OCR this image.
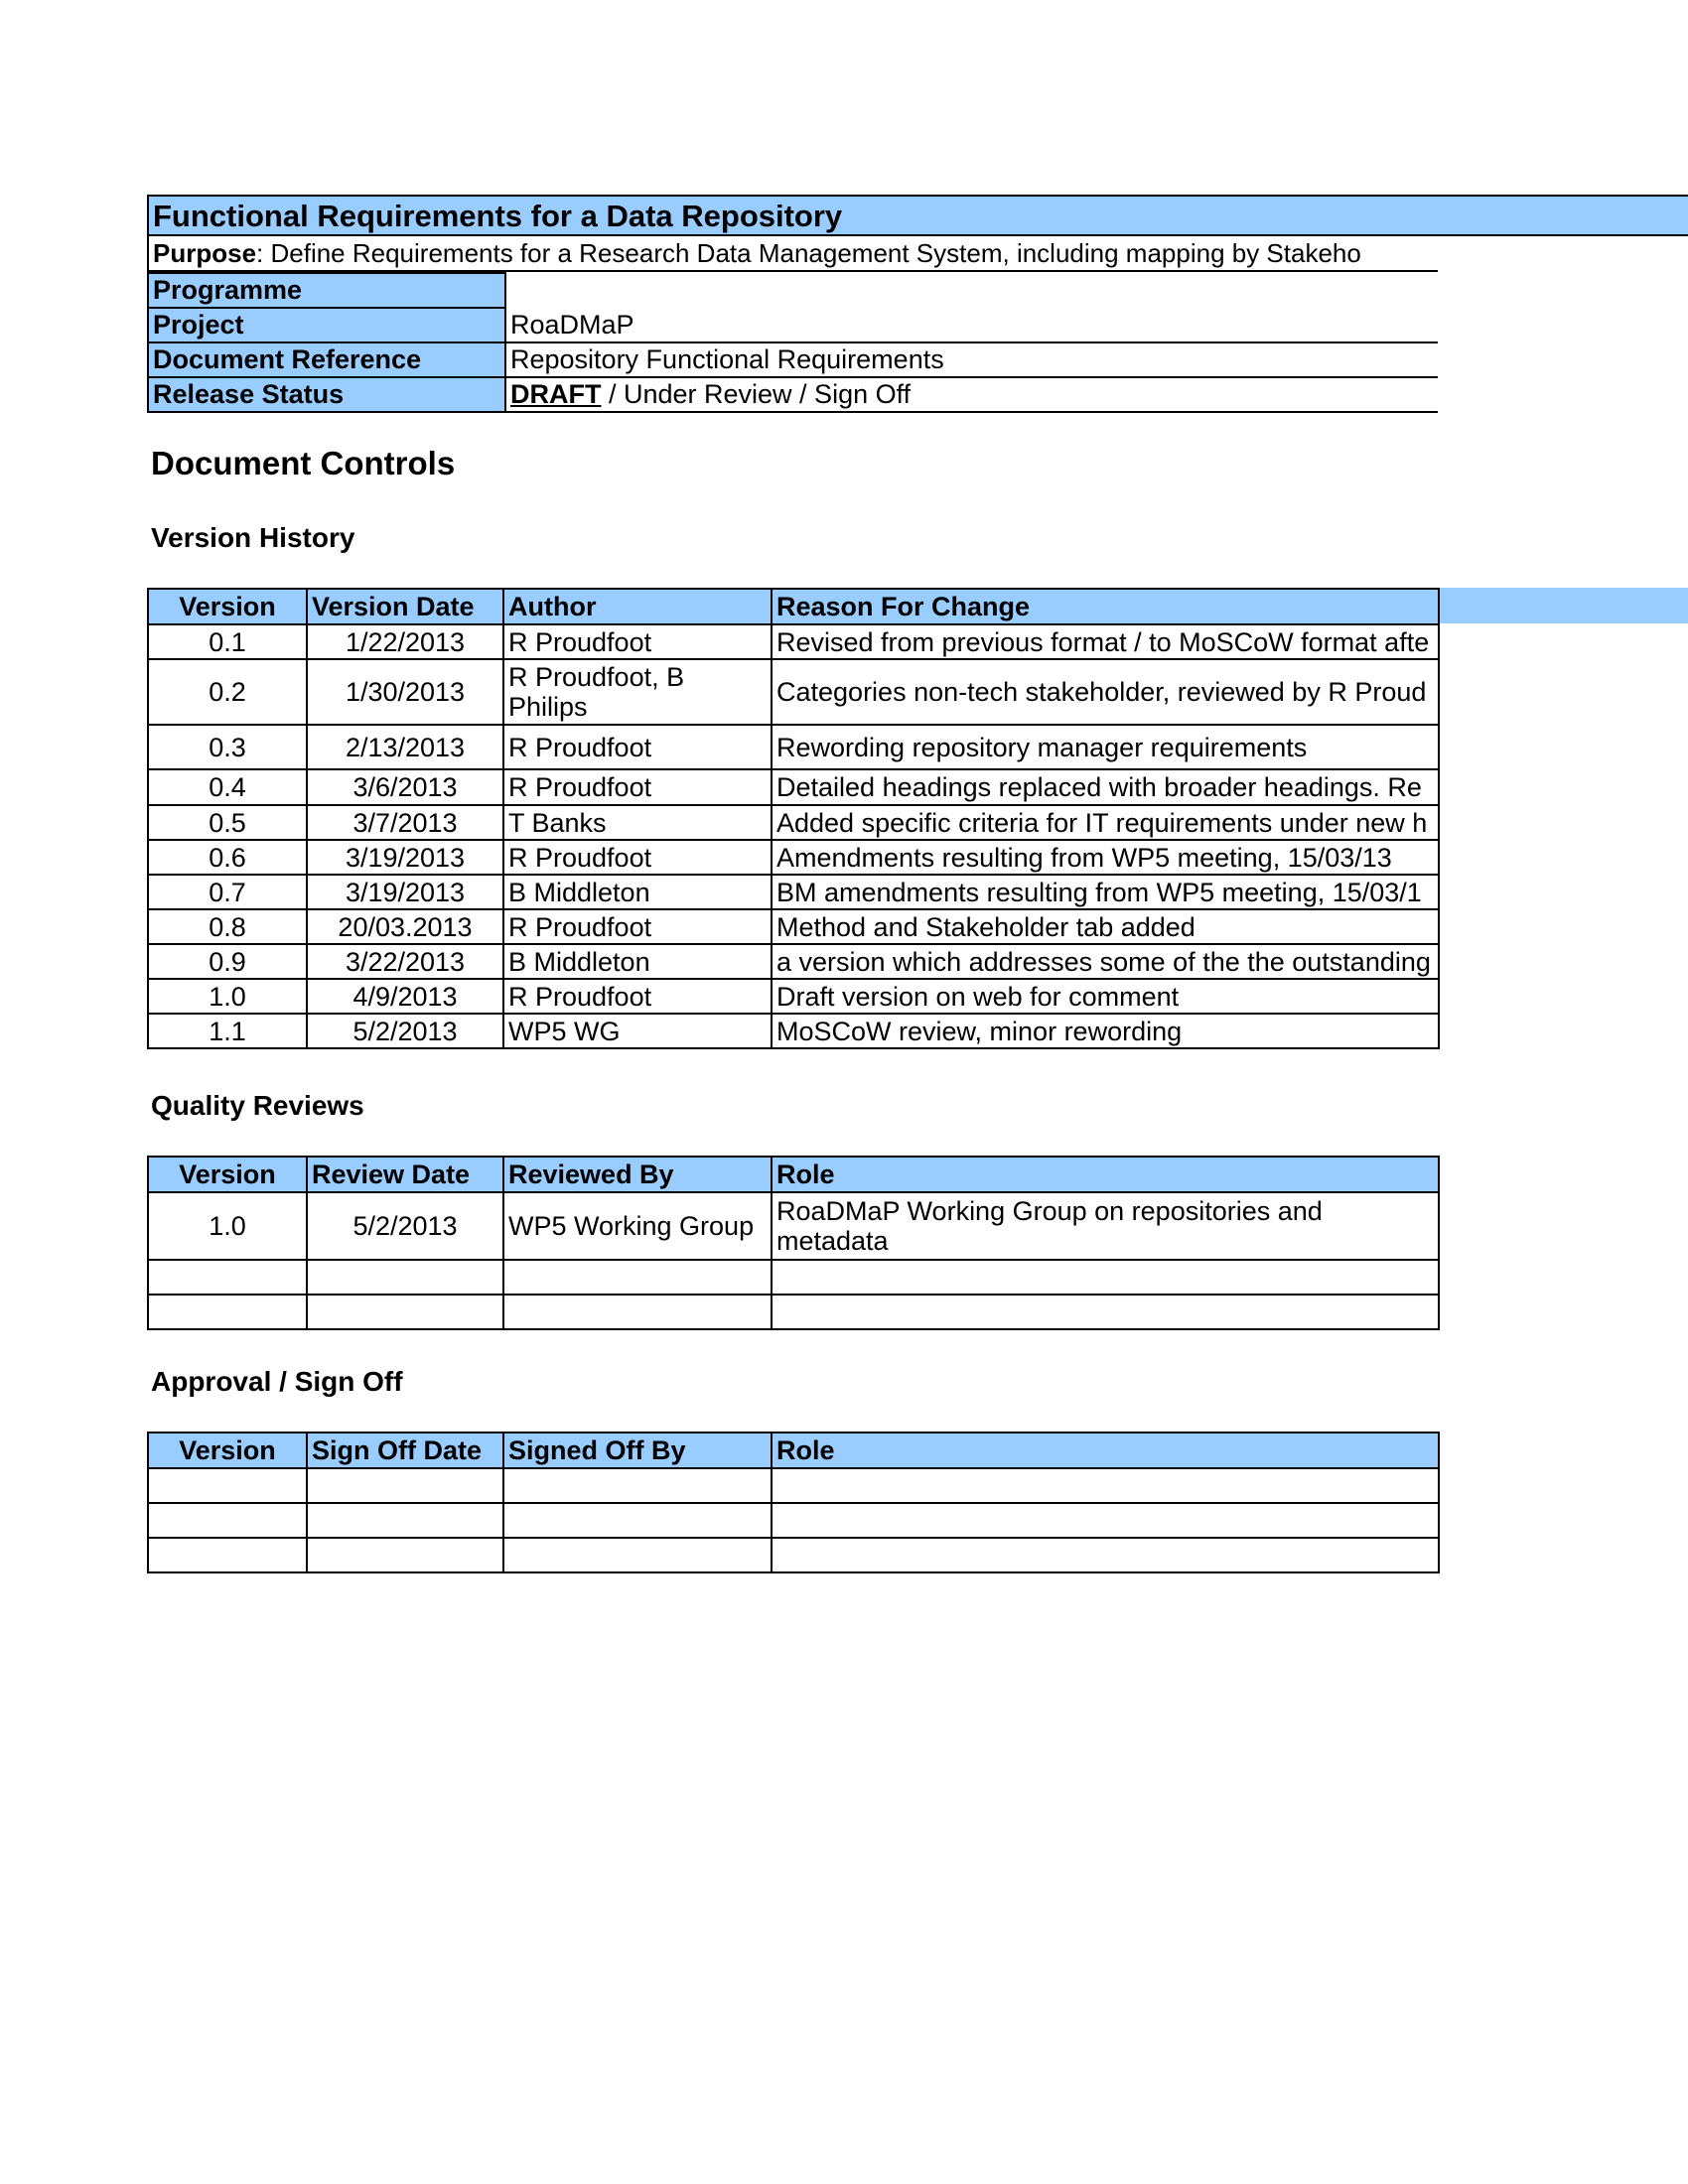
Functional Requirements for a Data Repository
Purpose: Define Requirements for a Research Data Management System, including mapping by Stakeho
Programme	
Project	RoaDMaP
Document Reference	Repository Functional Requirements
Release Status	DRAFT / Under Review / Sign Off
Document Controls
Version History
Version	Version Date	Author	Reason For Change
0.1	1/22/2013	R Proudfoot	Revised from previous format / to MoSCoW format afte
0.2	1/30/2013	R Proudfoot, B Philips	Categories non-tech stakeholder, reviewed by R Proud
0.3	2/13/2013	R Proudfoot	Rewording repository manager requirements
0.4	3/6/2013	R Proudfoot	Detailed headings replaced with broader headings. Re
0.5	3/7/2013	T Banks	Added specific criteria for IT requirements under new h
0.6	3/19/2013	R Proudfoot	Amendments resulting from WP5 meeting, 15/03/13
0.7	3/19/2013	B Middleton	BM amendments resulting from WP5 meeting, 15/03/1
0.8	20/03.2013	R Proudfoot	Method and Stakeholder tab added
0.9	3/22/2013	B Middleton	a version which addresses some of the the outstanding
1.0	4/9/2013	R Proudfoot	Draft version on web for comment
1.1	5/2/2013	WP5 WG	MoSCoW review, minor rewording
Quality Reviews
Version	Review Date	Reviewed By	Role
1.0	5/2/2013	WP5 Working Group	RoaDMaP Working Group on repositories and metadata

Approval / Sign Off
Version	Sign Off Date	Signed Off By	Role
